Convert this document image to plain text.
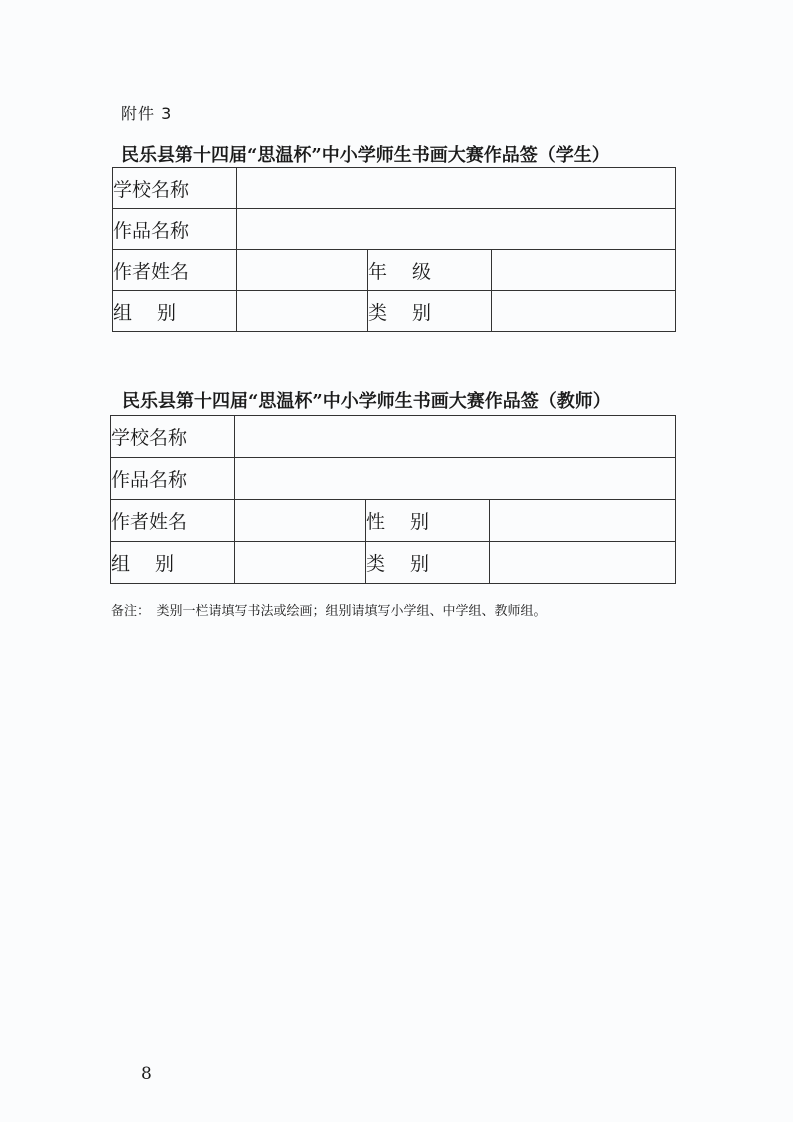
附件 3
民乐县第十四届“思温杯”中小学师生书画大赛作品签（学生）
学校名称			
作品名称			
作者姓名		年　 级	
组　 别		类　 别	
民乐县第十四届“思温杯”中小学师生书画大赛作品签（教师）
学校名称			
作品名称			
作者姓名		性　 别	
组　 别		类　 别	
备注：　类别一栏请填写书法或绘画；组别请填写小学组、中学组、教师组。
8
